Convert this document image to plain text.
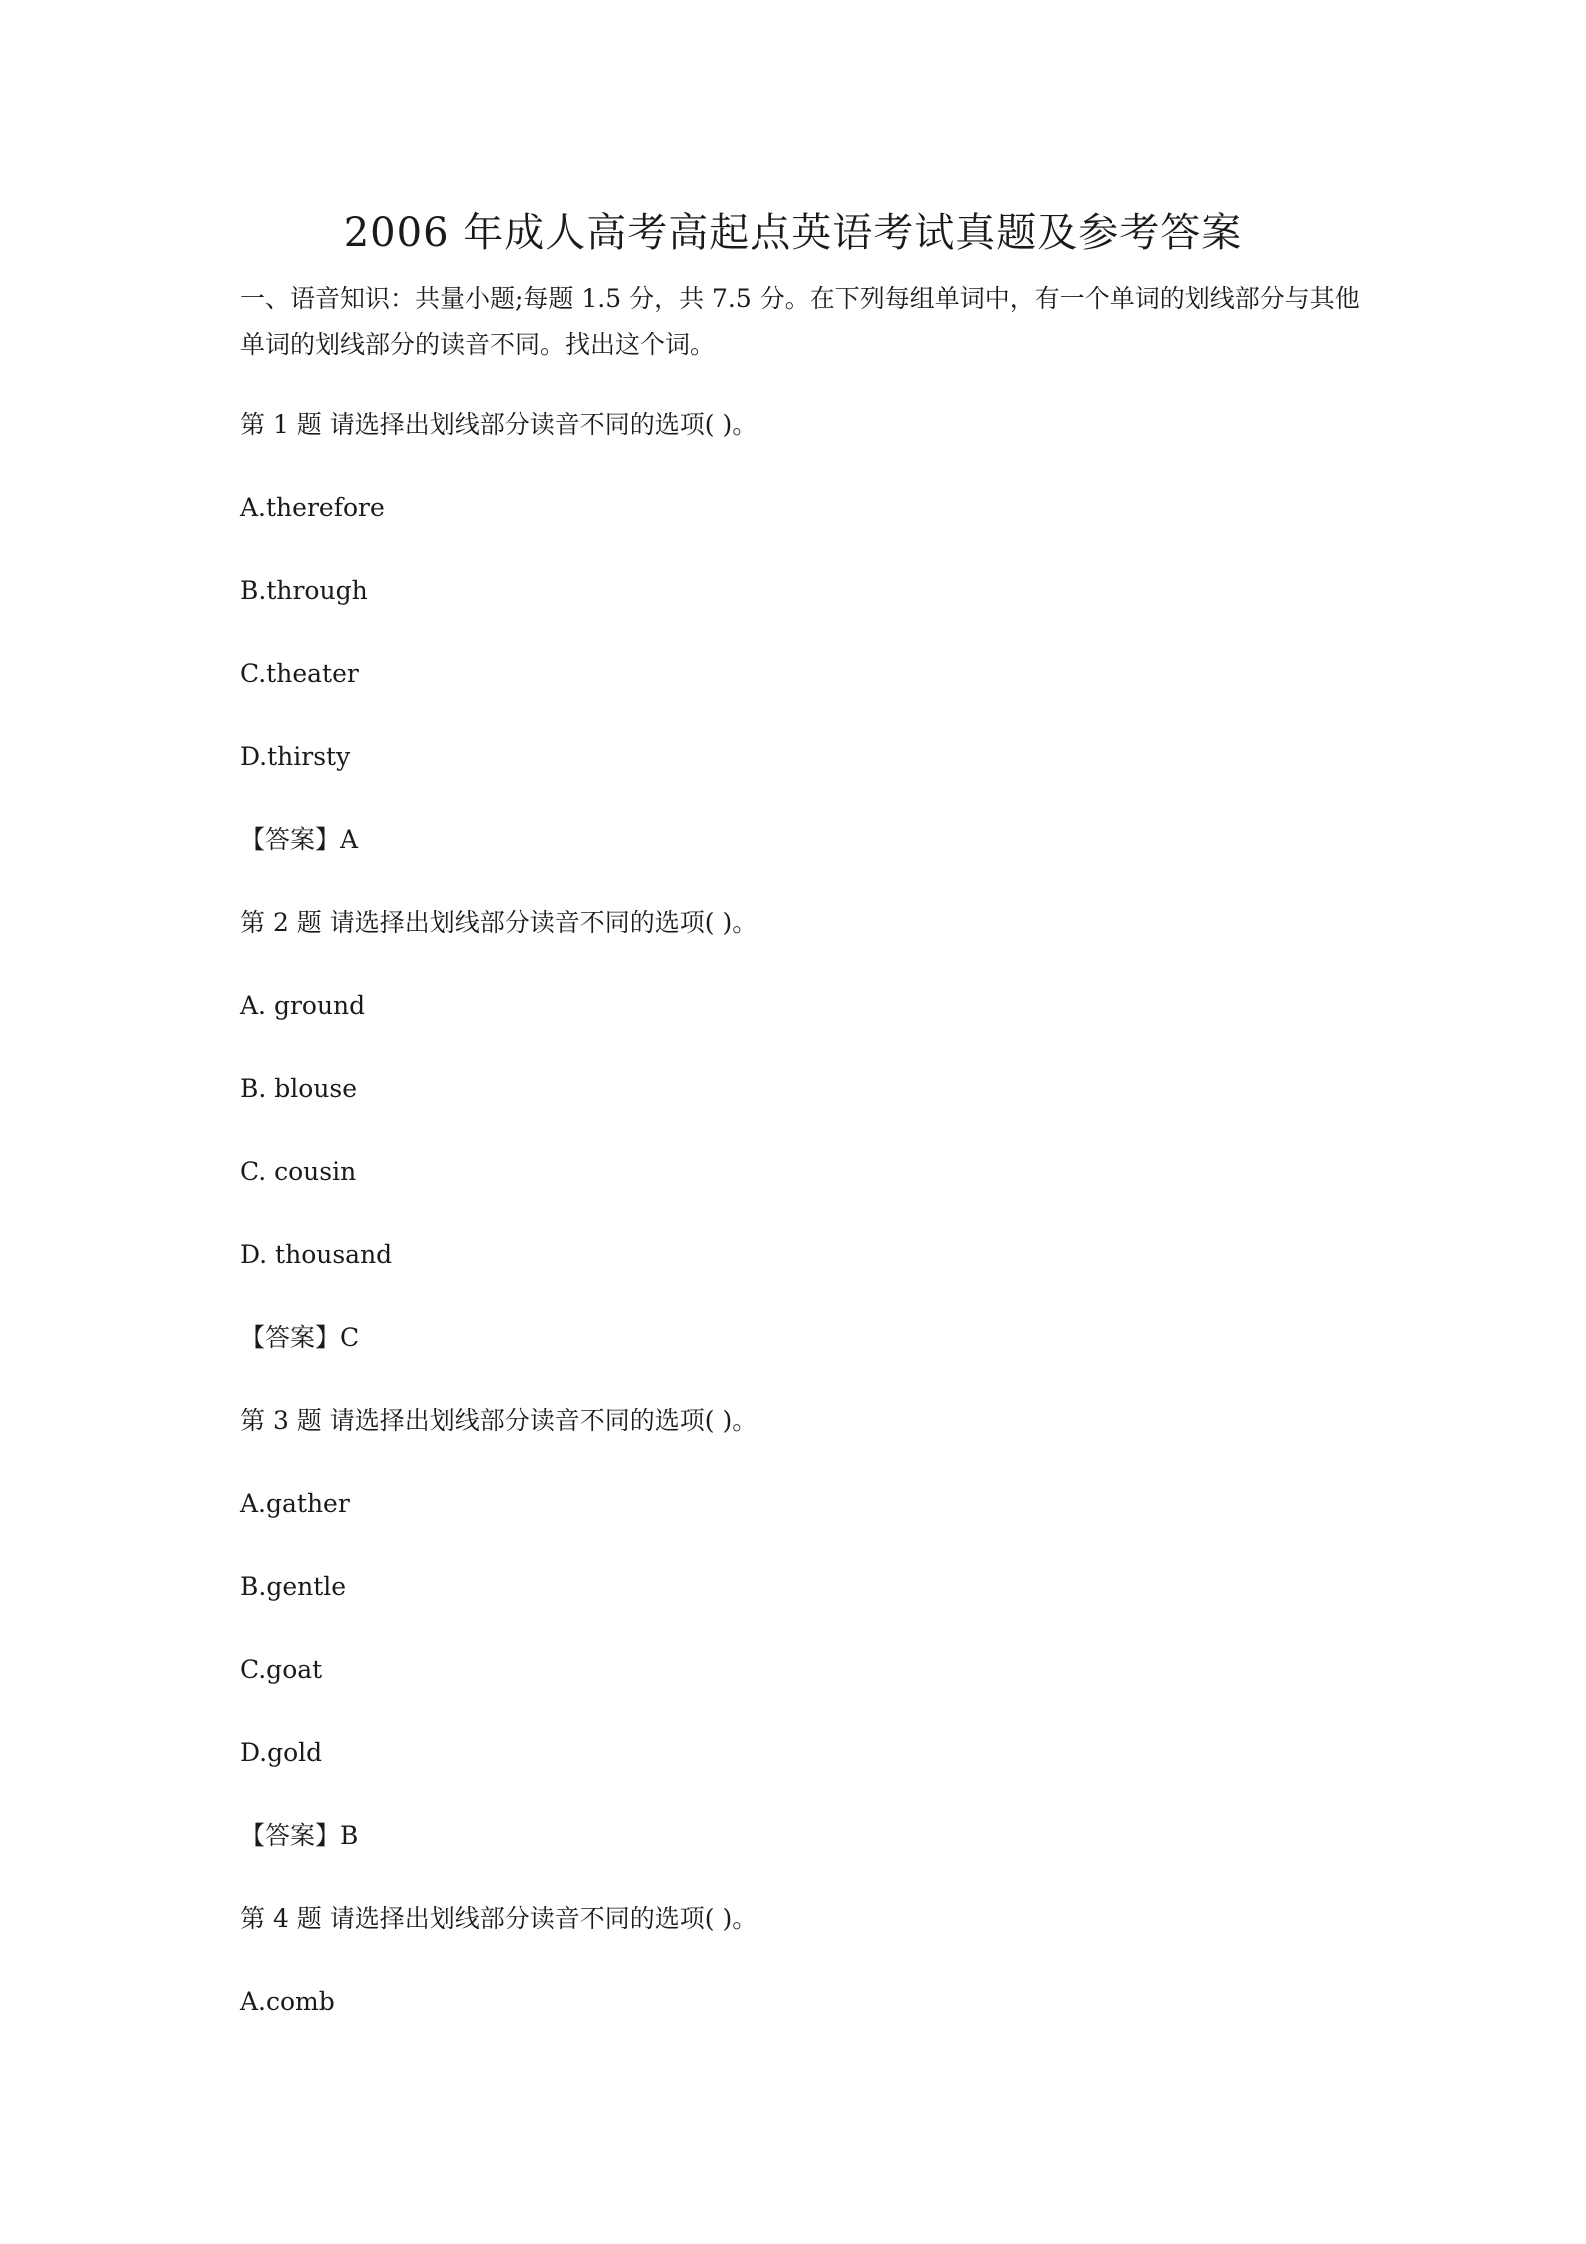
2006 年成人高考高起点英语考试真题及参考答案
一、语音知识：共量小题;每题 1.5 分，共 7.5 分。在下列每组单词中，有一个单词的划线部分与其他单词的划线部分的读音不同。找出这个词。
第 1 题 请选择出划线部分读音不同的选项( )。
A.therefore
B.through
C.theater
D.thirsty
【答案】A
第 2 题 请选择出划线部分读音不同的选项( )。
A. ground
B. blouse
C. cousin
D. thousand
【答案】C
第 3 题 请选择出划线部分读音不同的选项( )。
A.gather
B.gentle
C.goat
D.gold
【答案】B
第 4 题 请选择出划线部分读音不同的选项( )。
A.comb
